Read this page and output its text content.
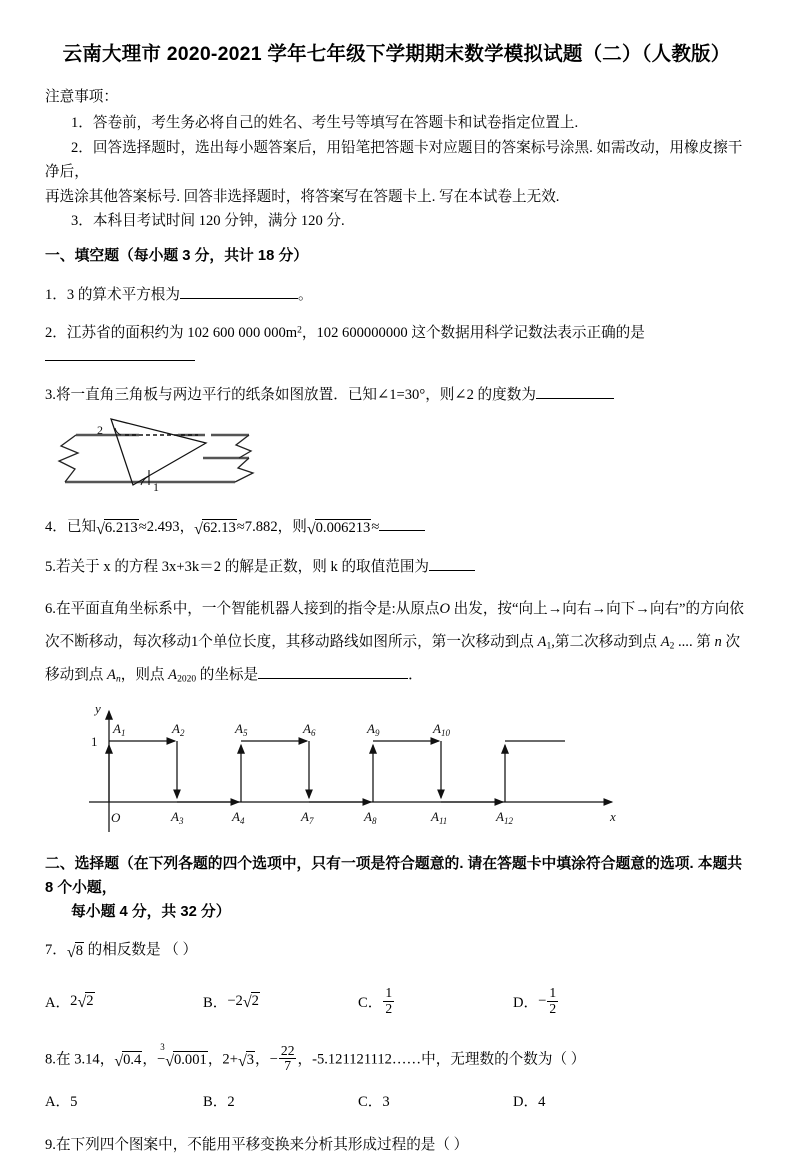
云南大理市 2020-2021 学年七年级下学期期末数学模拟试题（二）（人教版）
注意事项：
1．答卷前，考生务必将自己的姓名、考生号等填写在答题卡和试卷指定位置上.
2．回答选择题时，选出每小题答案后，用铅笔把答题卡对应题目的答案标号涂黑. 如需改动，用橡皮擦干净后，
再选涂其他答案标号. 回答非选择题时，将答案写在答题卡上. 写在本试卷上无效.
3．本科目考试时间 120 分钟，满分 120 分.
一、填空题（每小题 3 分，共计 18 分）
1．3 的算术平方根为	。
2．江苏省的面积约为 102 600 000 $000m^2$，102 600000000 这个数据用科学记数法表示正确的是
3.将一直角三角板与两边平行的纸条如图放置．已知∠1=30°，则∠2 的度数为
2
1
4．已知√6.213≈2.493，√62.13≈7.882，则√0.006213≈
5.若关于 x 的方程 3x+3k＝2 的解是正数，则 k 的取值范围为
6.在平面直角坐标系中，一个智能机器人接到的指令是:从原点O 出发，按“向上→向右→向下→向右”的方向依次不断移动，每次移动1个单位长度，其移动路线如图所示，第一次移动到点 $A_1$,第二次移动到点 $A_2$ .... 第 n 次移动到点 $A_n$，则点 $A_{2020}$ 的坐标是	．
y
x
O
1
$A_1$	$A_2$
$A_3$	$A_4$
$A_5$	$A_6$
$A_7$	$A_8$
$A_9$	$A_{10}$
$A_{11}$	$A_{12}$
二、选择题（在下列各题的四个选项中，只有一项是符合题意的. 请在答题卡中填涂符合题意的选项. 本题共 8 个小题，
每小题 4 分，共 32 分）
7．√8 的相反数是 （ ）
A． 2 √2	B． −2 √2	C． $\frac{1}{2}$	D． − $\frac{1}{2}$
8.在 3.14，√0.4，−
3
√0.001，2+√3，− $\frac{22}{7}$ ，-5.121121112……中，无理数的个数为（ ）
A．5	B．2	C．3	D．4
9.在下列四个图案中，不能用平移变换来分析其形成过程的是（ ）
